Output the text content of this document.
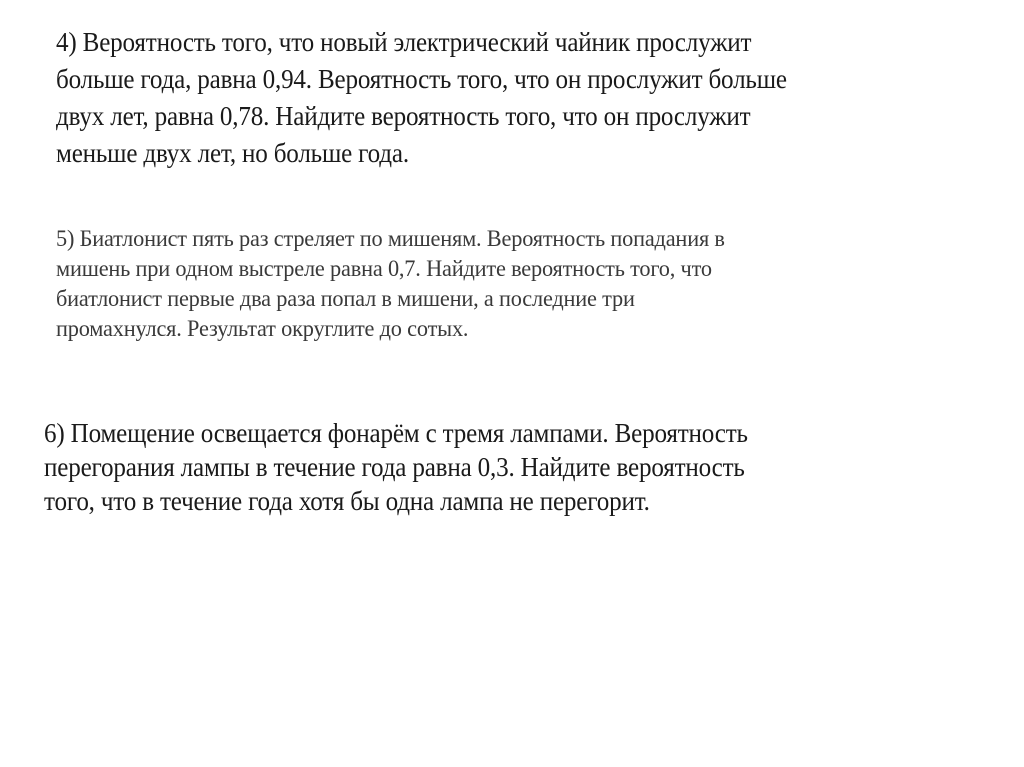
4) Вероятность того, что новый электрический чайник прослужит
больше года, равна 0,94. Вероятность того, что он прослужит больше
двух лет, равна 0,78. Найдите вероятность того, что он прослужит
меньше двух лет, но больше года.

5) Биатлонист пять раз стреляет по мишеням. Вероятность попадания в
мишень при одном выстреле равна 0,7. Найдите вероятность того, что
биатлонист первые два раза попал в мишени, а последние три
промахнулся. Результат округлите до сотых.

6) Помещение освещается фонарём с тремя лампами. Вероятность
перегорания лампы в течение года равна 0,3. Найдите вероятность
того, что в течение года хотя бы одна лампа не перегорит.
